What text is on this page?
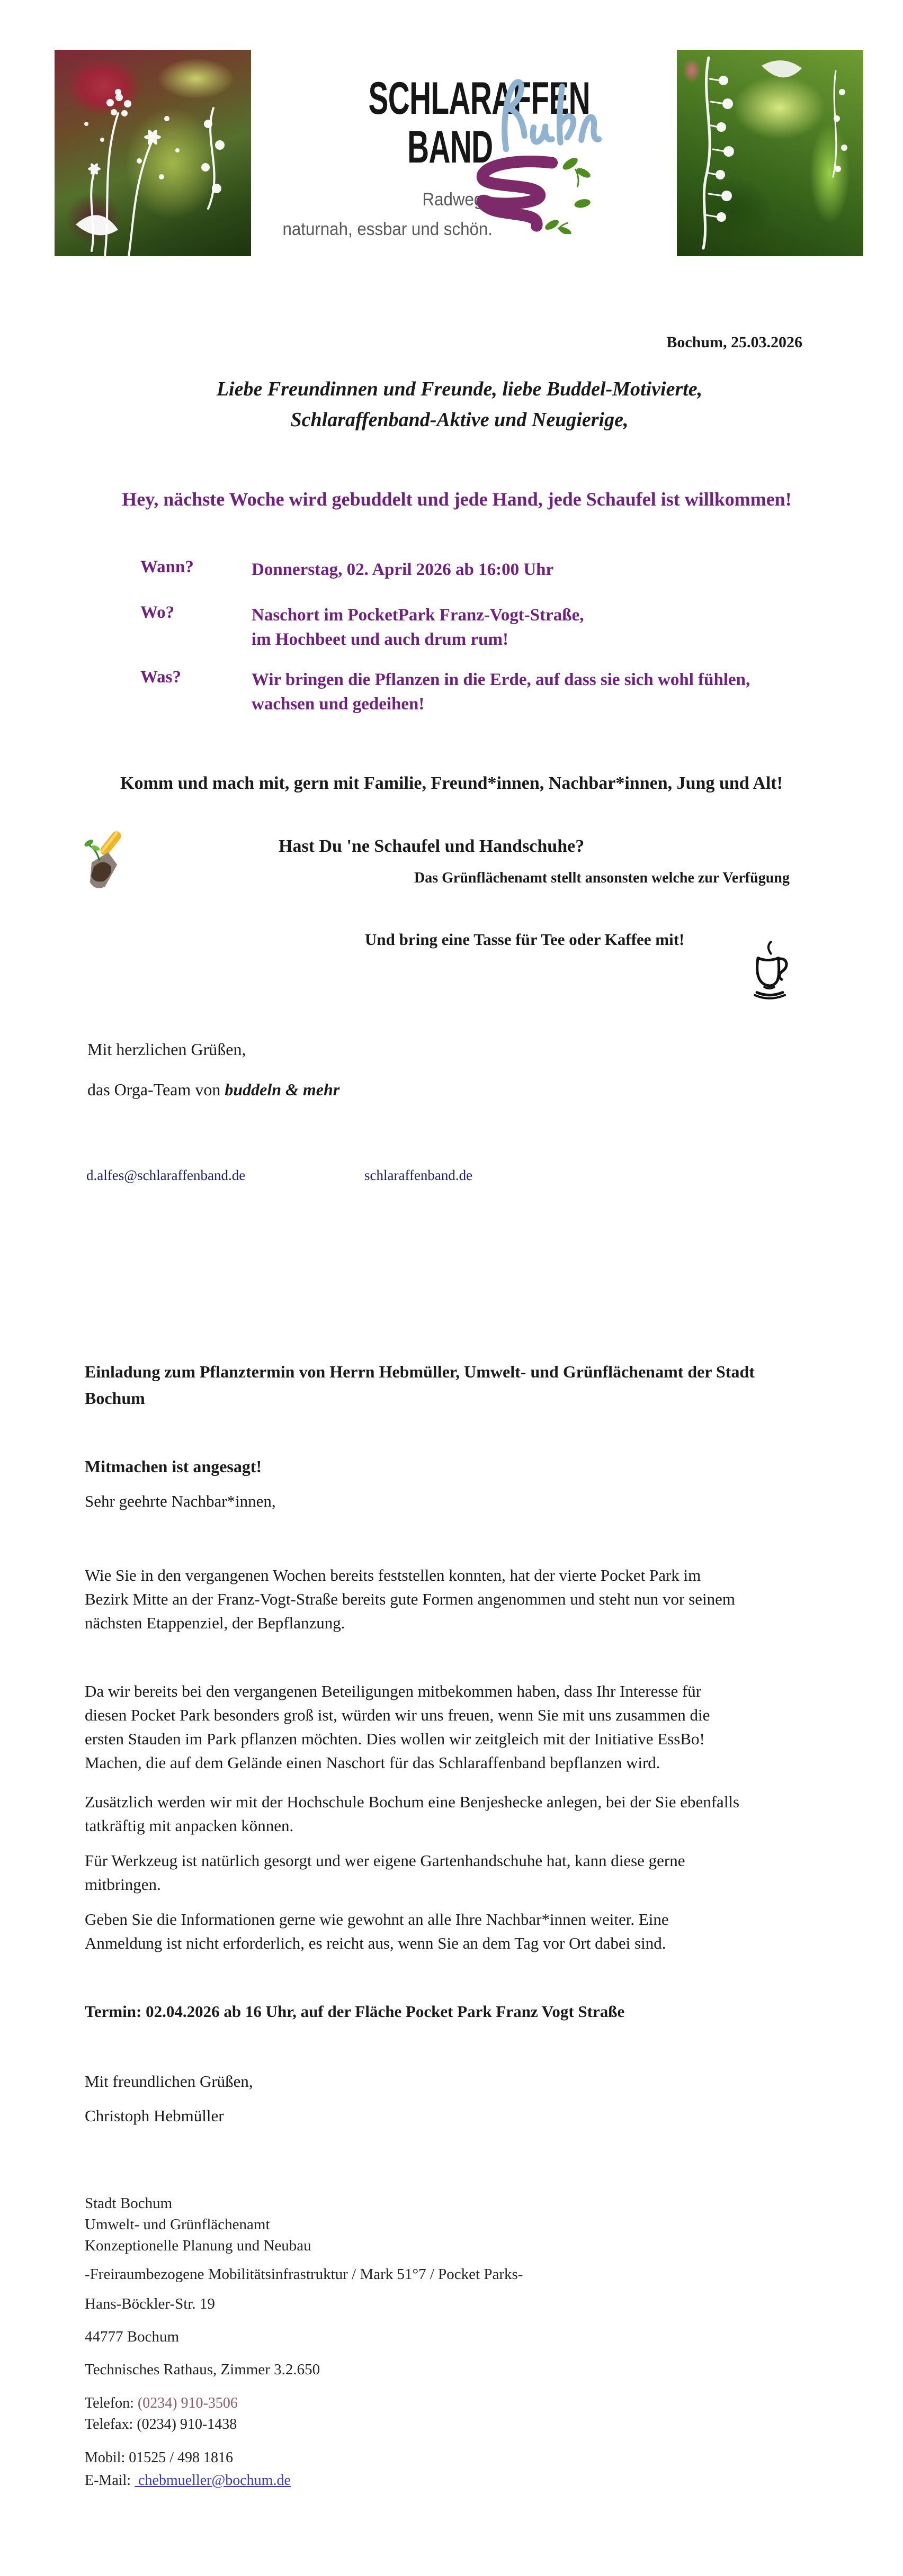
SCHLARAFFEN
BAND
Radwege
naturnah, essbar und schön.
Bochum, 25.03.2026
Liebe Freundinnen und Freunde, liebe Buddel-Motivierte,
Schlaraffenband-Aktive und Neugierige,
Hey, nächste Woche wird gebuddelt und jede Hand, jede Schaufel ist willkommen!
Wann?	Donnerstag, 02. April 2026 ab 16:00 Uhr
Wo?	Naschort im PocketPark Franz-Vogt-Straße,
im Hochbeet und auch drum rum!
Was?	Wir bringen die Pflanzen in die Erde, auf dass sie sich wohl fühlen,
wachsen und gedeihen!
Komm und mach mit, gern mit Familie, Freund*innen, Nachbar*innen, Jung und Alt!
Hast Du 'ne Schaufel und Handschuhe?
Das Grünflächenamt stellt ansonsten welche zur Verfügung
Und bring eine Tasse für Tee oder Kaffee mit!
Mit herzlichen Grüßen,
das Orga-Team von buddeln & mehr
d.alfes@schlaraffenband.de	schlaraffenband.de
Einladung zum Pflanztermin von Herrn Hebmüller, Umwelt- und Grünflächenamt der Stadt
Bochum
Mitmachen ist angesagt!
Sehr geehrte Nachbar*innen,
Wie Sie in den vergangenen Wochen bereits feststellen konnten, hat der vierte Pocket Park im
Bezirk Mitte an der Franz-Vogt-Straße bereits gute Formen angenommen und steht nun vor seinem
nächsten Etappenziel, der Bepflanzung.
Da wir bereits bei den vergangenen Beteiligungen mitbekommen haben, dass Ihr Interesse für
diesen Pocket Park besonders groß ist, würden wir uns freuen, wenn Sie mit uns zusammen die
ersten Stauden im Park pflanzen möchten. Dies wollen wir zeitgleich mit der Initiative EssBo!
Machen, die auf dem Gelände einen Naschort für das Schlaraffenband bepflanzen wird.
Zusätzlich werden wir mit der Hochschule Bochum eine Benjeshecke anlegen, bei der Sie ebenfalls
tatkräftig mit anpacken können.
Für Werkzeug ist natürlich gesorgt und wer eigene Gartenhandschuhe hat, kann diese gerne
mitbringen.
Geben Sie die Informationen gerne wie gewohnt an alle Ihre Nachbar*innen weiter. Eine
Anmeldung ist nicht erforderlich, es reicht aus, wenn Sie an dem Tag vor Ort dabei sind.
Termin: 02.04.2026 ab 16 Uhr, auf der Fläche Pocket Park Franz Vogt Straße
Mit freundlichen Grüßen,
Christoph Hebmüller
Stadt Bochum
Umwelt- und Grünflächenamt
Konzeptionelle Planung und Neubau
-Freiraumbezogene Mobilitätsinfrastruktur / Mark 51°7 / Pocket Parks-
Hans-Böckler-Str. 19
44777 Bochum
Technisches Rathaus, Zimmer 3.2.650
Telefon: (0234) 910-3506
Telefax: (0234) 910-1438
Mobil: 01525 / 498 1816
E-Mail:  chebmueller@bochum.de
